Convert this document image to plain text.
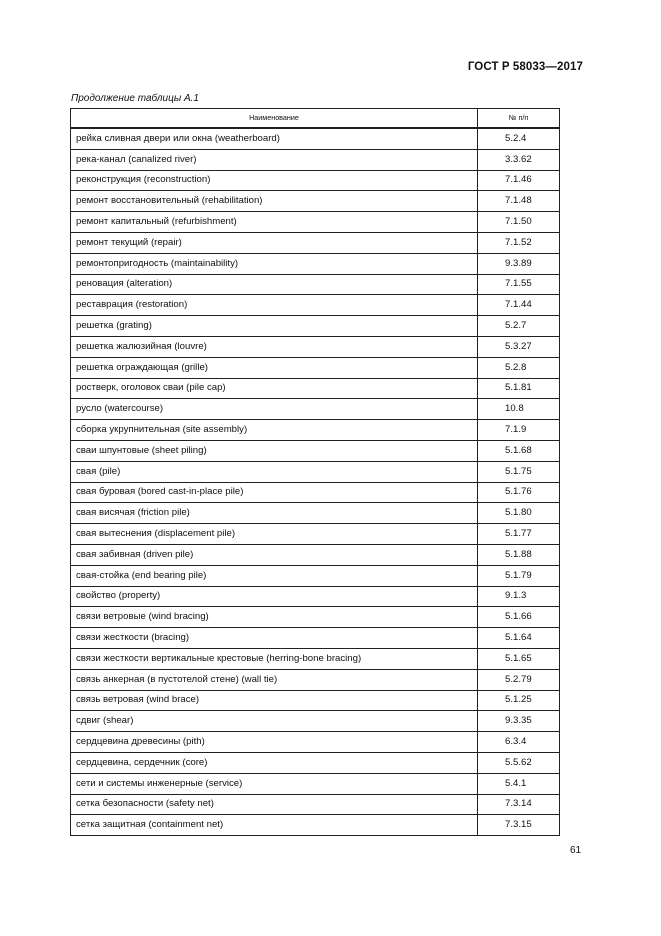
ГОСТ Р 58033—2017
Продолжение таблицы А.1
Наименование	№ п/п
рейка сливная двери или окна (weatherboard)	5.2.4
река-канал (canalized river)	3.3.62
реконструкция (reconstruction)	7.1.46
ремонт восстановительный (rehabilitation)	7.1.48
ремонт капитальный (refurbishment)	7.1.50
ремонт текущий (repair)	7.1.52
ремонтопригодность (maintainability)	9.3.89
реновация (alteration)	7.1.55
реставрация (restoration)	7.1.44
решетка (grating)	5.2.7
решетка жалюзийная (louvre)	5.3.27
решетка ограждающая (grille)	5.2.8
ростверк, оголовок сваи (pile cap)	5.1.81
русло (watercourse)	10.8
сборка укрупнительная (site assembly)	7.1.9
сваи шпунтовые (sheet piling)	5.1.68
свая (pile)	5.1.75
свая буровая (bored cast-in-place pile)	5.1.76
свая висячая (friction pile)	5.1.80
свая вытеснения (displacement pile)	5.1.77
свая забивная (driven pile)	5.1.88
свая-стойка (end bearing pile)	5.1.79
свойство (property)	9.1.3
связи ветровые (wind bracing)	5.1.66
связи жесткости (bracing)	5.1.64
связи жесткости вертикальные крестовые (herring-bone bracing)	5.1.65
связь анкерная (в пустотелой стене) (wall tie)	5.2.79
связь ветровая (wind brace)	5.1.25
сдвиг (shear)	9.3.35
сердцевина древесины (pith)	6.3.4
сердцевина, сердечник (core)	5.5.62
сети и системы инженерные (service)	5.4.1
сетка безопасности (safety net)	7.3.14
сетка защитная (containment net)	7.3.15
61
